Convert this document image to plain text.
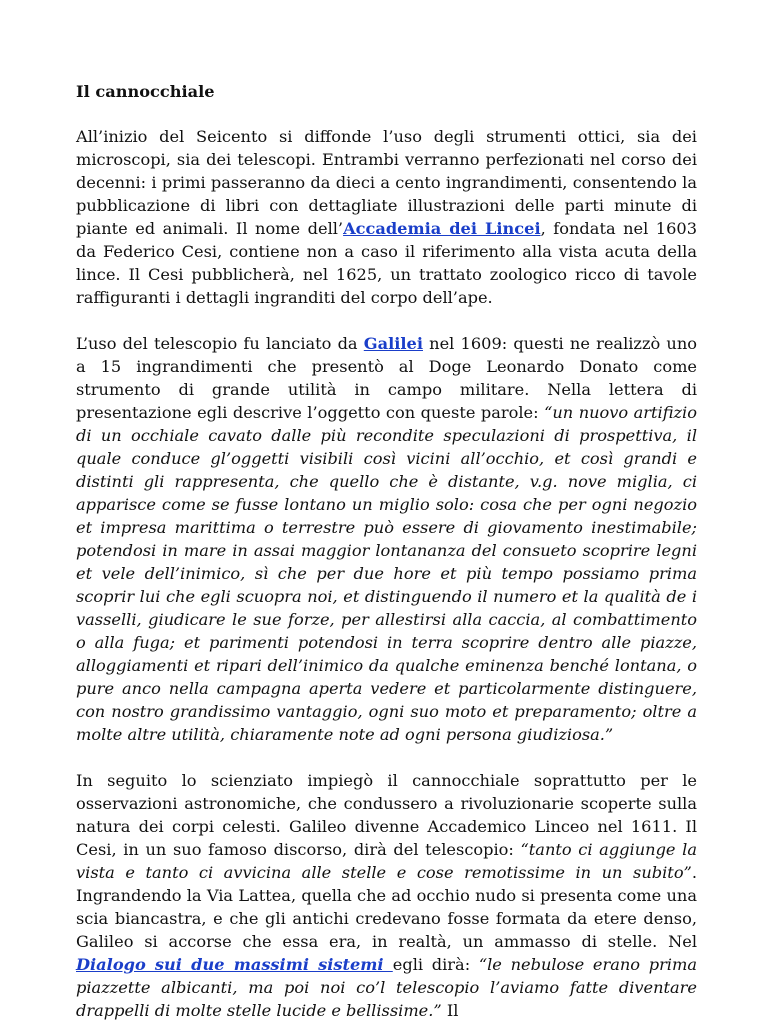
Il cannocchiale

All’inizio del Seicento si diffonde l’uso degli strumenti ottici, sia dei microscopi, sia dei telescopi. Entrambi verranno perfezionati nel corso dei decenni: i primi passeranno da dieci a cento ingrandimenti, consentendo la pubblicazione di libri con dettagliate illustrazioni delle parti minute di piante ed animali. Il nome dell’Accademia dei Lincei, fondata nel 1603 da Federico Cesi, contiene non a caso il riferimento alla vista acuta della lince. Il Cesi pubblicherà, nel 1625, un trattato zoologico ricco di tavole raffiguranti i dettagli ingranditi del corpo dell’ape.

L’uso del telescopio fu lanciato da Galilei nel 1609: questi ne realizzò uno a 15 ingrandimenti che presentò al Doge Leonardo Donato come strumento di grande utilità in campo militare. Nella lettera di presentazione egli descrive l’oggetto con queste parole: “un nuovo artifizio di un occhiale cavato dalle più recondite speculazioni di prospettiva, il quale conduce gl’oggetti visibili così vicini all’occhio, et così grandi e distinti gli rappresenta, che quello che è distante, v.g. nove miglia, ci apparisce come se fusse lontano un miglio solo: cosa che per ogni negozio et impresa marittima o terrestre può essere di giovamento inestimabile; potendosi in mare in assai maggior lontananza del consueto scoprire legni et vele dell’inimico, sì che per due hore et più tempo possiamo prima scoprir lui che egli scuopra noi, et distinguendo il numero et la qualità de i vasselli, giudicare le sue forze, per allestirsi alla caccia, al combattimento o alla fuga; et parimenti potendosi in terra scoprire dentro alle piazze, alloggiamenti et ripari dell’inimico da qualche eminenza benché lontana, o pure anco nella campagna aperta vedere et particolarmente distinguere, con nostro grandissimo vantaggio, ogni suo moto et preparamento; oltre a molte altre utilità, chiaramente note ad ogni persona giudiziosa.”

In seguito lo scienziato impiegò il cannocchiale soprattutto per le osservazioni astronomiche, che condussero a rivoluzionarie scoperte sulla natura dei corpi celesti. Galileo divenne Accademico Linceo nel 1611. Il Cesi, in un suo famoso discorso, dirà del telescopio: “tanto ci aggiunge la vista e tanto ci avvicina alle stelle e cose remotissime in un subito”. Ingrandendo la Via Lattea, quella che ad occhio nudo si presenta come una scia biancastra, e che gli antichi credevano fosse formata da etere denso, Galileo si accorse che essa era, in realtà, un ammasso di stelle. Nel Dialogo sui due massimi sistemi egli dirà: “le nebulose erano prima piazzette albicanti, ma poi noi co’l telescopio l’aviamo fatte diventare drappelli di molte stelle lucide e bellissime.” Il
